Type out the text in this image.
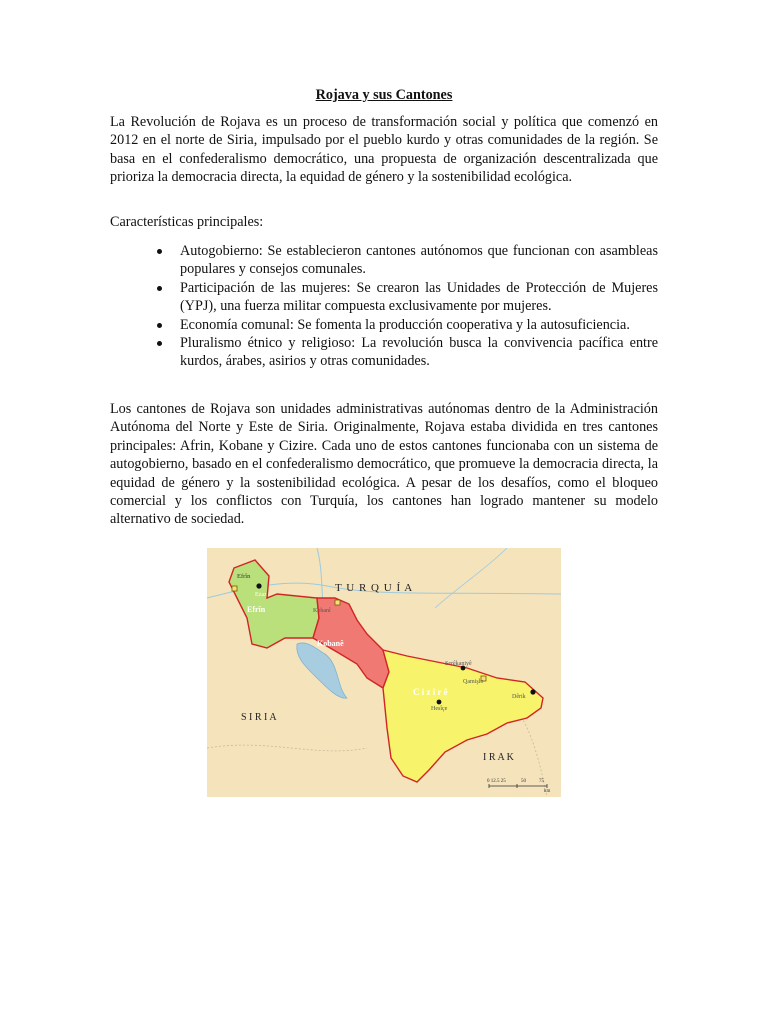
Rojava y sus Cantones

La Revolución de Rojava es un proceso de transformación social y política que comenzó en 2012 en el norte de Siria, impulsado por el pueblo kurdo y otras comunidades de la región. Se basa en el confederalismo democrático, una propuesta de organización descentralizada que prioriza la democracia directa, la equidad de género y la sostenibilidad ecológica.

Características principales:

Autogobierno: Se establecieron cantones autónomos que funcionan con asambleas populares y consejos comunales.
Participación de las mujeres: Se crearon las Unidades de Protección de Mujeres (YPJ), una fuerza militar compuesta exclusivamente por mujeres.
Economía comunal: Se fomenta la producción cooperativa y la autosuficiencia.
Pluralismo étnico y religioso: La revolución busca la convivencia pacífica entre kurdos, árabes, asirios y otras comunidades.

Los cantones de Rojava son unidades administrativas autónomas dentro de la Administración Autónoma del Norte y Este de Siria. Originalmente, Rojava estaba dividida en tres cantones principales: Afrin, Kobane y Cizire. Cada uno de estos cantones funcionaba con un sistema de autogobierno, basado en el confederalismo democrático, que promueve la democracia directa, la equidad de género y la sostenibilidad ecológica. A pesar de los desafíos, como el bloqueo comercial y los conflictos con Turquía, los cantones han logrado mantener su modelo alternativo de sociedad.

T U R Q U Í A
S I R I A
I R A K
Efrîn
Kobanê
C i z î r ê
Efrîn
Ezaz
Kobanî
Serêkaniyê
Qamişlo
Hesîçe
Dêrik
0 12.5 25	50	75
km
